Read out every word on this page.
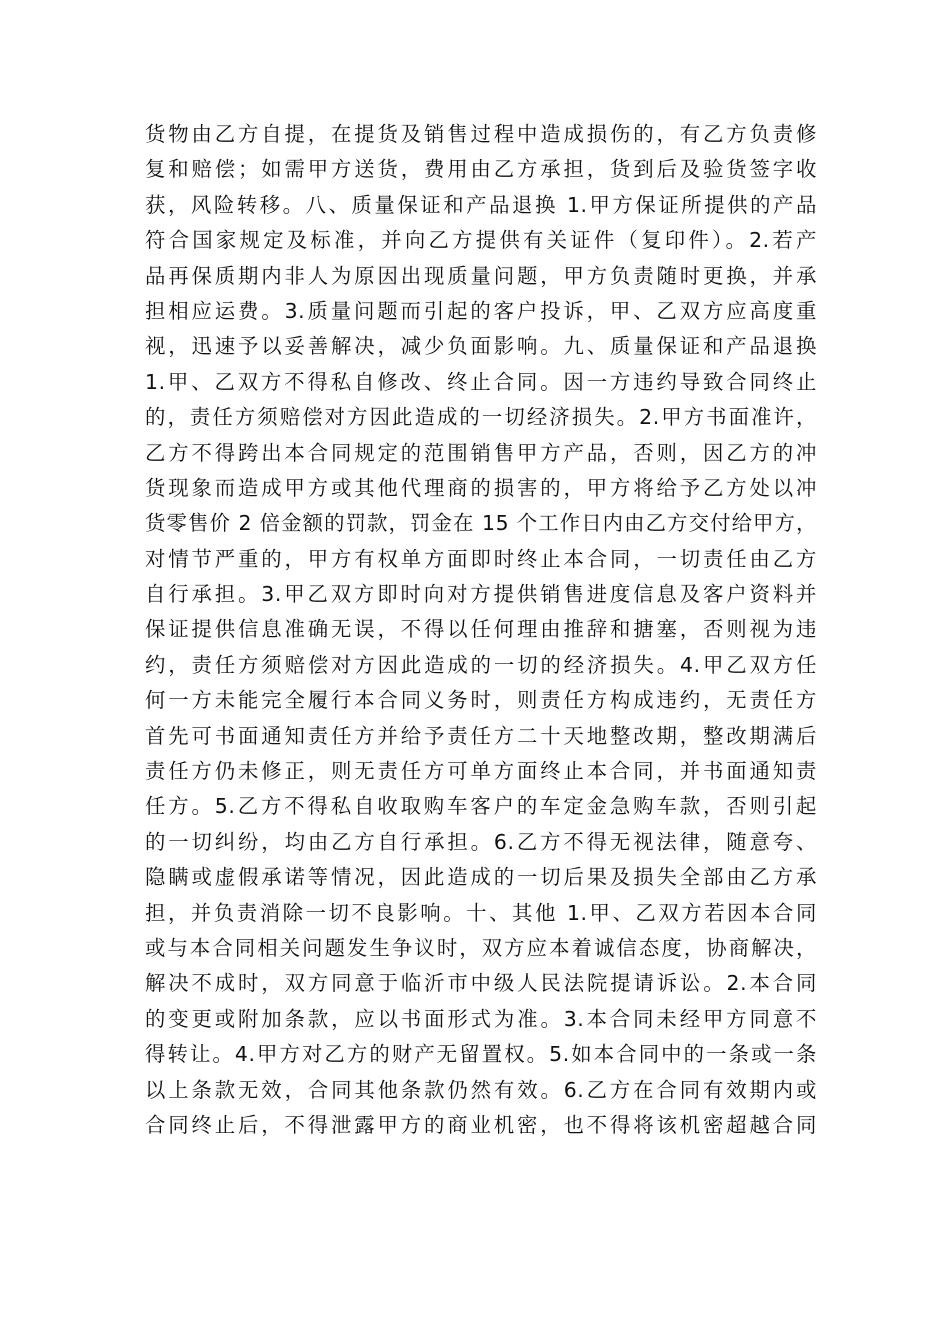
货物由乙方自提，在提货及销售过程中造成损伤的，有乙方负责修
复和赔偿；如需甲方送货，费用由乙方承担，货到后及验货签字收
获，风险转移。八、质量保证和产品退换 1.甲方保证所提供的产品
符合国家规定及标准，并向乙方提供有关证件（复印件）。2.若产
品再保质期内非人为原因出现质量问题，甲方负责随时更换，并承
担相应运费。3.质量问题而引起的客户投诉，甲、乙双方应高度重
视，迅速予以妥善解决，减少负面影响。九、质量保证和产品退换
1.甲、乙双方不得私自修改、终止合同。因一方违约导致合同终止
的，责任方须赔偿对方因此造成的一切经济损失。2.甲方书面准许，
乙方不得跨出本合同规定的范围销售甲方产品，否则，因乙方的冲
货现象而造成甲方或其他代理商的损害的，甲方将给予乙方处以冲
货零售价 2 倍金额的罚款，罚金在 15 个工作日内由乙方交付给甲方，
对情节严重的，甲方有权单方面即时终止本合同，一切责任由乙方
自行承担。3.甲乙双方即时向对方提供销售进度信息及客户资料并
保证提供信息准确无误，不得以任何理由推辞和搪塞，否则视为违
约，责任方须赔偿对方因此造成的一切的经济损失。4.甲乙双方任
何一方未能完全履行本合同义务时，则责任方构成违约，无责任方
首先可书面通知责任方并给予责任方二十天地整改期，整改期满后
责任方仍未修正，则无责任方可单方面终止本合同，并书面通知责
任方。5.乙方不得私自收取购车客户的车定金急购车款，否则引起
的一切纠纷，均由乙方自行承担。6.乙方不得无视法律，随意夸、
隐瞒或虚假承诺等情况，因此造成的一切后果及损失全部由乙方承
担，并负责消除一切不良影响。十、其他 1.甲、乙双方若因本合同
或与本合同相关问题发生争议时，双方应本着诚信态度，协商解决，
解决不成时，双方同意于临沂市中级人民法院提请诉讼。2.本合同
的变更或附加条款，应以书面形式为准。3.本合同未经甲方同意不
得转让。4.甲方对乙方的财产无留置权。5.如本合同中的一条或一条
以上条款无效，合同其他条款仍然有效。6.乙方在合同有效期内或
合同终止后，不得泄露甲方的商业机密，也不得将该机密超越合同
